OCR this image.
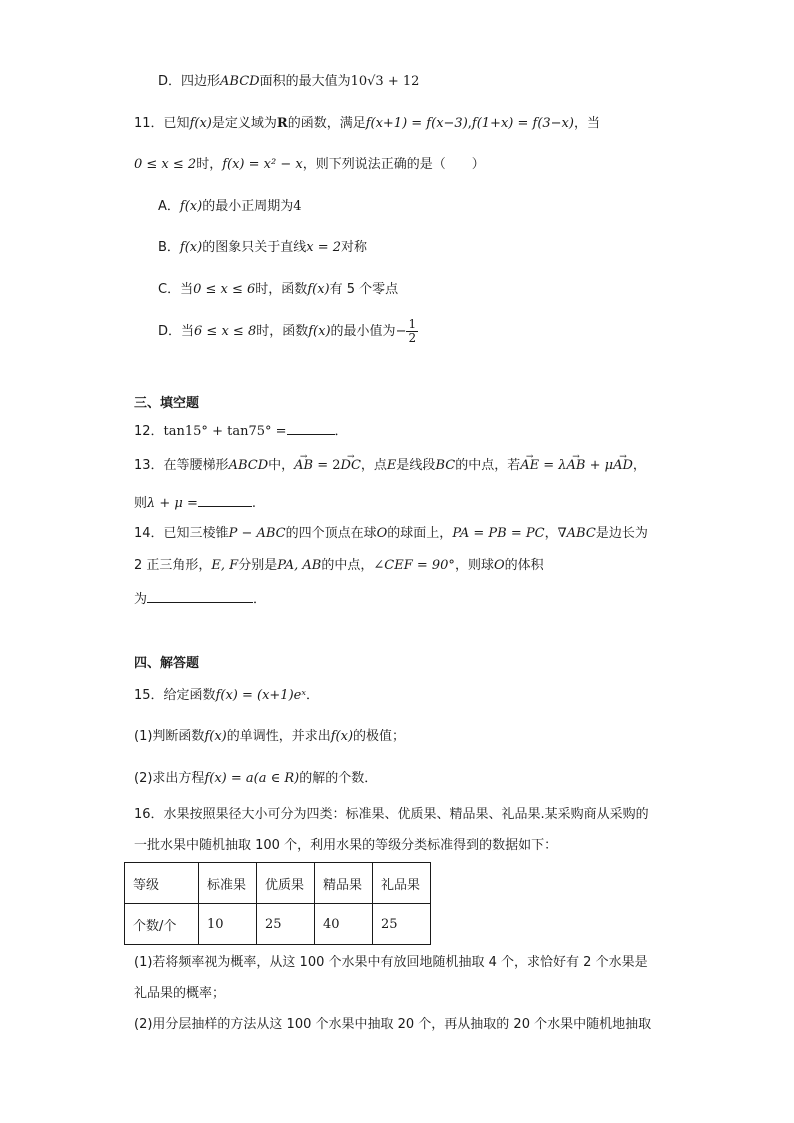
D．四边形ABCD面积的最大值为10√3 + 12
11．已知f(x)是定义域为R的函数，满足f(x+1) = f(x−3),f(1+x) = f(3−x)，当
0 ≤ x ≤ 2时，f(x) = x² − x，则下列说法正确的是（　　）
A．f(x)的最小正周期为4
B．f(x)的图象只关于直线x = 2对称
C．当0 ≤ x ≤ 6时，函数f(x)有 5 个零点
D．当6 ≤ x ≤ 8时，函数f(x)的最小值为− $\frac{1}{2}$
三、填空题
12．tan15° + tan75° =	．
13．在等腰梯形ABCD中，→ AB = 2→ DC，点E是线段BC的中点，若→ AE = λ→ AB + μ→ AD，
则λ + μ =	.
14．已知三棱锥P − ABC的四个顶点在球O的球面上，PA = PB = PC，∇ABC是边长为
2 正三角形，E, F分别是PA, AB的中点，∠CEF = 90°，则球O的体积
为	．
四、解答题
15．给定函数f(x) = (x+1)eˣ．
(1)判断函数f(x)的单调性，并求出f(x)的极值；
(2)求出方程f(x) = a(a ∈ R)的解的个数．
16．水果按照果径大小可分为四类：标准果、优质果、精品果、礼品果.某采购商从采购的
一批水果中随机抽取 100 个，利用水果的等级分类标准得到的数据如下：
等级	标准果	优质果	精品果	礼品果
个数/个	10	25	40	25
(1)若将频率视为概率，从这 100 个水果中有放回地随机抽取 4 个，求恰好有 2 个水果是
礼品果的概率；
(2)用分层抽样的方法从这 100 个水果中抽取 20 个，再从抽取的 20 个水果中随机地抽取
